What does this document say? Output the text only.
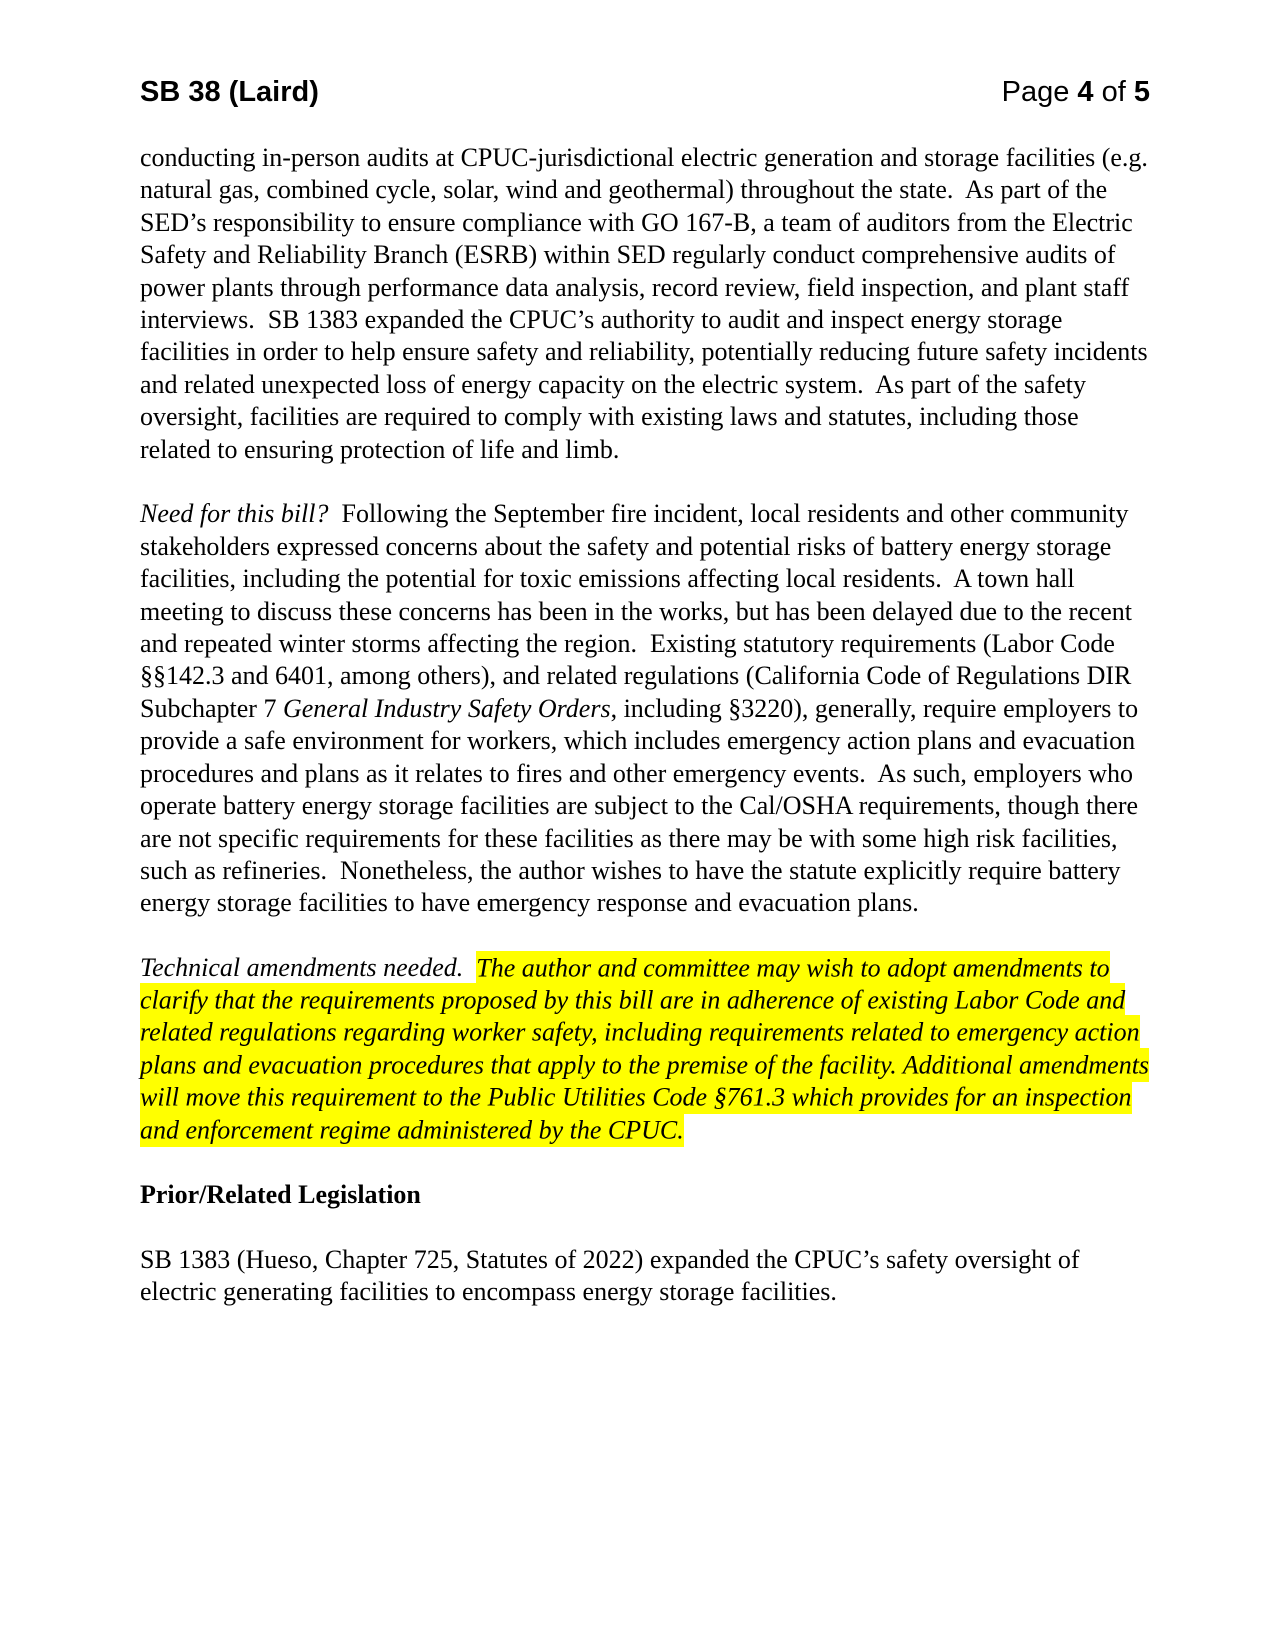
SB 38 (Laird)	Page 4 of 5

conducting in-person audits at CPUC-jurisdictional electric generation and storage facilities (e.g. natural gas, combined cycle, solar, wind and geothermal) throughout the state.  As part of the SED’s responsibility to ensure compliance with GO 167-B, a team of auditors from the Electric Safety and Reliability Branch (ESRB) within SED regularly conduct comprehensive audits of power plants through performance data analysis, record review, field inspection, and plant staff interviews.  SB 1383 expanded the CPUC’s authority to audit and inspect energy storage facilities in order to help ensure safety and reliability, potentially reducing future safety incidents and related unexpected loss of energy capacity on the electric system.  As part of the safety oversight, facilities are required to comply with existing laws and statutes, including those related to ensuring protection of life and limb.

Need for this bill?  Following the September fire incident, local residents and other community stakeholders expressed concerns about the safety and potential risks of battery energy storage facilities, including the potential for toxic emissions affecting local residents.  A town hall meeting to discuss these concerns has been in the works, but has been delayed due to the recent and repeated winter storms affecting the region.  Existing statutory requirements (Labor Code §§142.3 and 6401, among others), and related regulations (California Code of Regulations DIR Subchapter 7 General Industry Safety Orders, including §3220), generally, require employers to provide a safe environment for workers, which includes emergency action plans and evacuation procedures and plans as it relates to fires and other emergency events.  As such, employers who operate battery energy storage facilities are subject to the Cal/OSHA requirements, though there are not specific requirements for these facilities as there may be with some high risk facilities, such as refineries.  Nonetheless, the author wishes to have the statute explicitly require battery energy storage facilities to have emergency response and evacuation plans.

Technical amendments needed. The author and committee may wish to adopt amendments to clarify that the requirements proposed by this bill are in adherence of existing Labor Code and related regulations regarding worker safety, including requirements related to emergency action plans and evacuation procedures that apply to the premise of the facility. Additional amendments will move this requirement to the Public Utilities Code §761.3 which provides for an inspection and enforcement regime administered by the CPUC.

Prior/Related Legislation

SB 1383 (Hueso, Chapter 725, Statutes of 2022) expanded the CPUC’s safety oversight of electric generating facilities to encompass energy storage facilities.
